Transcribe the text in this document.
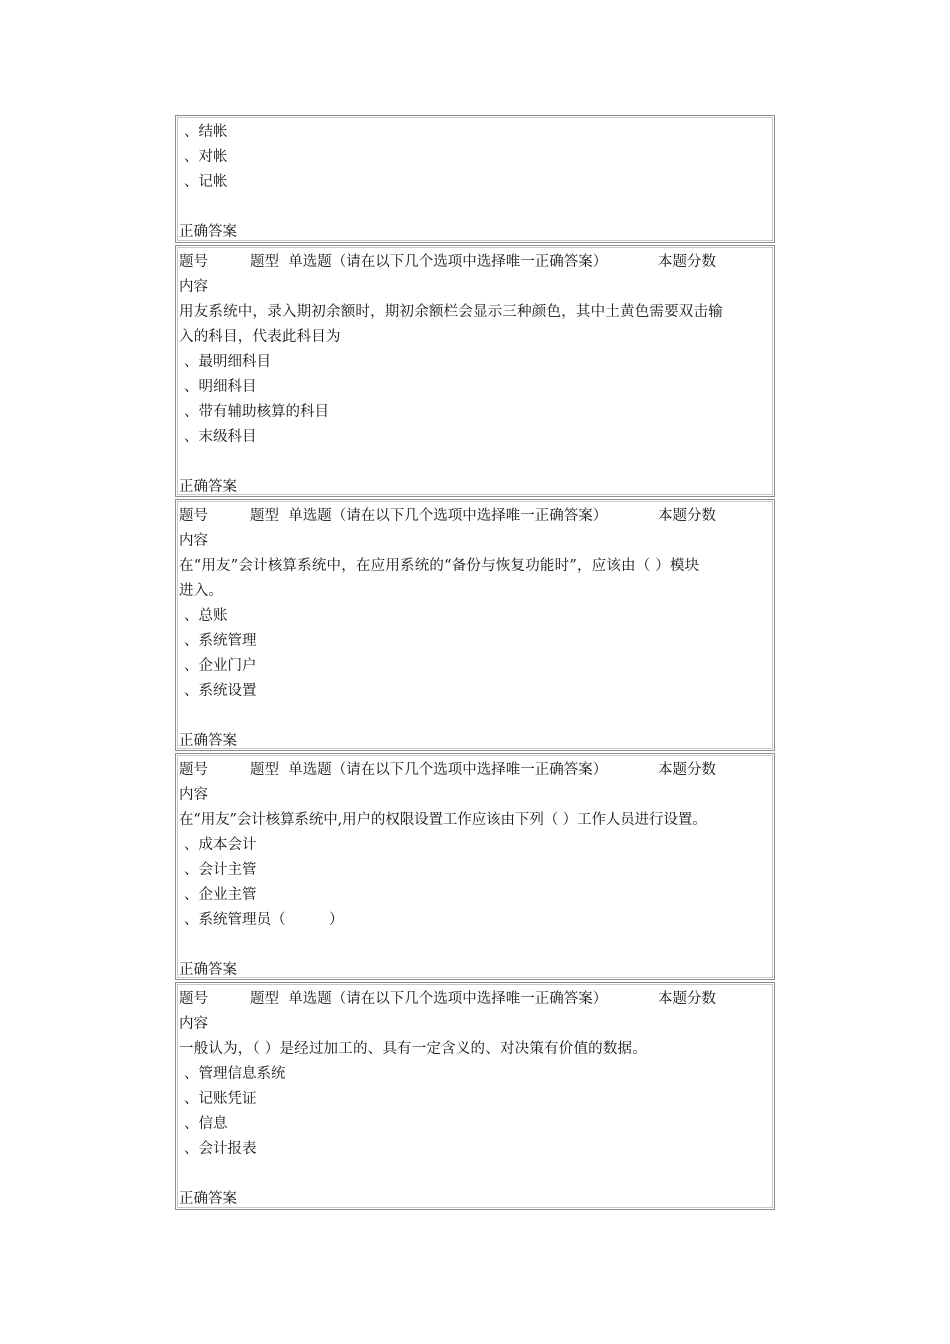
、结帐
、对帐
、记帐
正确答案
题号	题型 单选题（请在以下几个选项中选择唯一正确答案）	本题分数
内容
用友系统中，录入期初余额时，期初余额栏会显示三种颜色，其中土黄色需要双击输
入的科目，代表此科目为
、最明细科目
、明细科目
、带有辅助核算的科目
、末级科目
正确答案
题号	题型 单选题（请在以下几个选项中选择唯一正确答案）	本题分数
内容
在“用友”会计核算系统中，在应用系统的“备份与恢复功能时”，应该由（ ）模块
进入。
、总账
、系统管理
、企业门户
、系统设置
正确答案
题号	题型 单选题（请在以下几个选项中选择唯一正确答案）	本题分数
内容
在“用友”会计核算系统中,用户的权限设置工作应该由下列（ ）工作人员进行设置。
、成本会计
、会计主管
、企业主管
、系统管理员（　　　）
正确答案
题号	题型 单选题（请在以下几个选项中选择唯一正确答案）	本题分数
内容
一般认为，（ ）是经过加工的、具有一定含义的、对决策有价值的数据。
、管理信息系统
、记账凭证
、信息
、会计报表
正确答案
